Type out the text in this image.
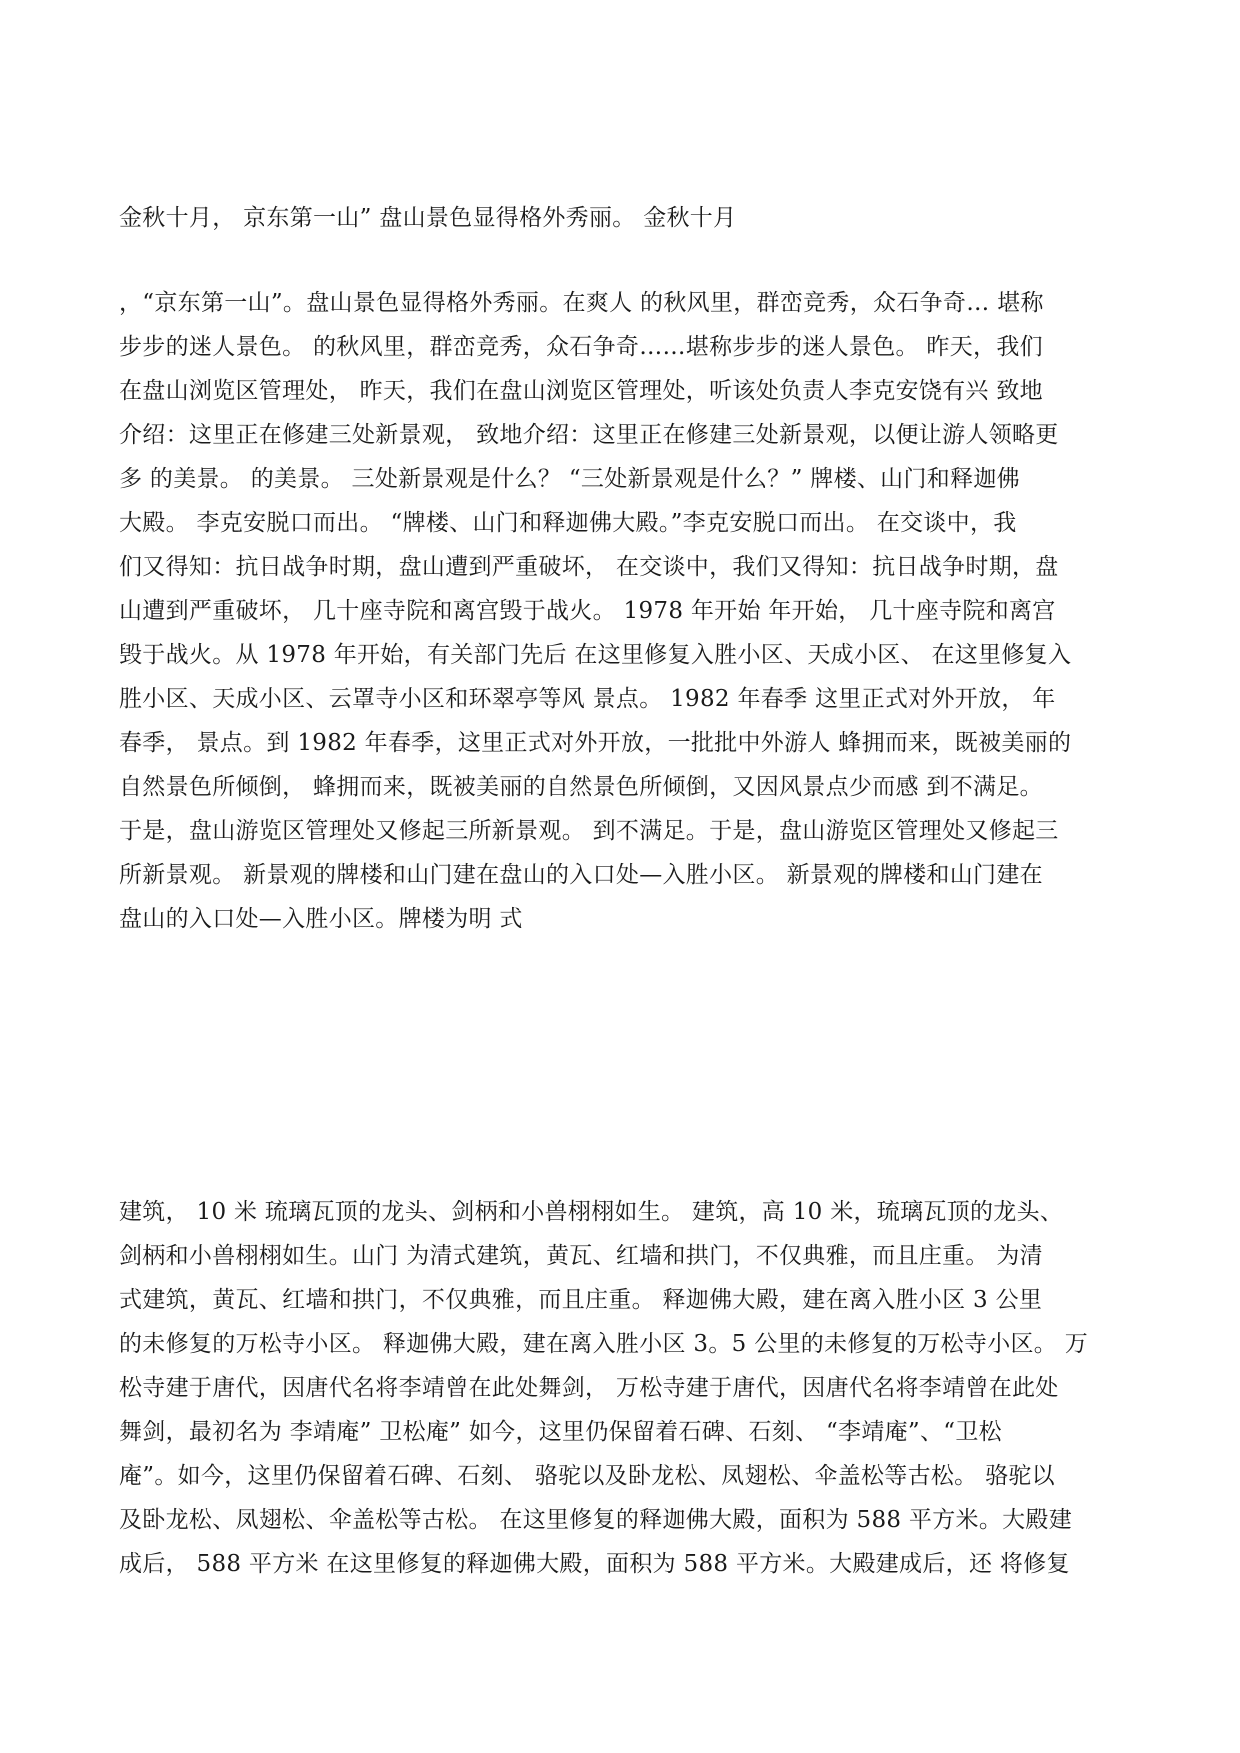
金秋十月， 京东第一山” 盘山景色显得格外秀丽。 金秋十月
，“京东第一山”。盘山景色显得格外秀丽。在爽人 的秋风里，群峦竞秀，众石争奇… 堪称
步步的迷人景色。 的秋风里，群峦竞秀，众石争奇……堪称步步的迷人景色。 昨天，我们
在盘山浏览区管理处， 昨天，我们在盘山浏览区管理处，听该处负责人李克安饶有兴 致地
介绍：这里正在修建三处新景观， 致地介绍：这里正在修建三处新景观，以便让游人领略更
多 的美景。 的美景。 三处新景观是什么？ “三处新景观是什么？” 牌楼、山门和释迦佛
大殿。 李克安脱口而出。 “牌楼、山门和释迦佛大殿。”李克安脱口而出。 在交谈中，我
们又得知：抗日战争时期，盘山遭到严重破坏， 在交谈中，我们又得知：抗日战争时期，盘
山遭到严重破坏， 几十座寺院和离宫毁于战火。 1978 年开始 年开始， 几十座寺院和离宫
毁于战火。从 1978 年开始，有关部门先后 在这里修复入胜小区、天成小区、 在这里修复入
胜小区、天成小区、云罩寺小区和环翠亭等风 景点。 1982 年春季 这里正式对外开放， 年
春季， 景点。到 1982 年春季，这里正式对外开放，一批批中外游人 蜂拥而来，既被美丽的
自然景色所倾倒， 蜂拥而来，既被美丽的自然景色所倾倒，又因风景点少而感 到不满足。
于是，盘山游览区管理处又修起三所新景观。 到不满足。于是，盘山游览区管理处又修起三
所新景观。 新景观的牌楼和山门建在盘山的入口处—入胜小区。 新景观的牌楼和山门建在
盘山的入口处—入胜小区。牌楼为明 式
建筑， 10 米 琉璃瓦顶的龙头、剑柄和小兽栩栩如生。 建筑，高 10 米，琉璃瓦顶的龙头、
剑柄和小兽栩栩如生。山门 为清式建筑，黄瓦、红墙和拱门，不仅典雅，而且庄重。 为清
式建筑，黄瓦、红墙和拱门，不仅典雅，而且庄重。 释迦佛大殿，建在离入胜小区 3 公里
的未修复的万松寺小区。 释迦佛大殿，建在离入胜小区 3。5 公里的未修复的万松寺小区。 万
松寺建于唐代，因唐代名将李靖曾在此处舞剑， 万松寺建于唐代，因唐代名将李靖曾在此处
舞剑，最初名为 李靖庵” 卫松庵” 如今，这里仍保留着石碑、石刻、 “李靖庵”、“卫松
庵”。如今，这里仍保留着石碑、石刻、 骆驼以及卧龙松、凤翅松、伞盖松等古松。 骆驼以
及卧龙松、凤翅松、伞盖松等古松。 在这里修复的释迦佛大殿，面积为 588 平方米。大殿建
成后， 588 平方米 在这里修复的释迦佛大殿，面积为 588 平方米。大殿建成后，还 将修复
